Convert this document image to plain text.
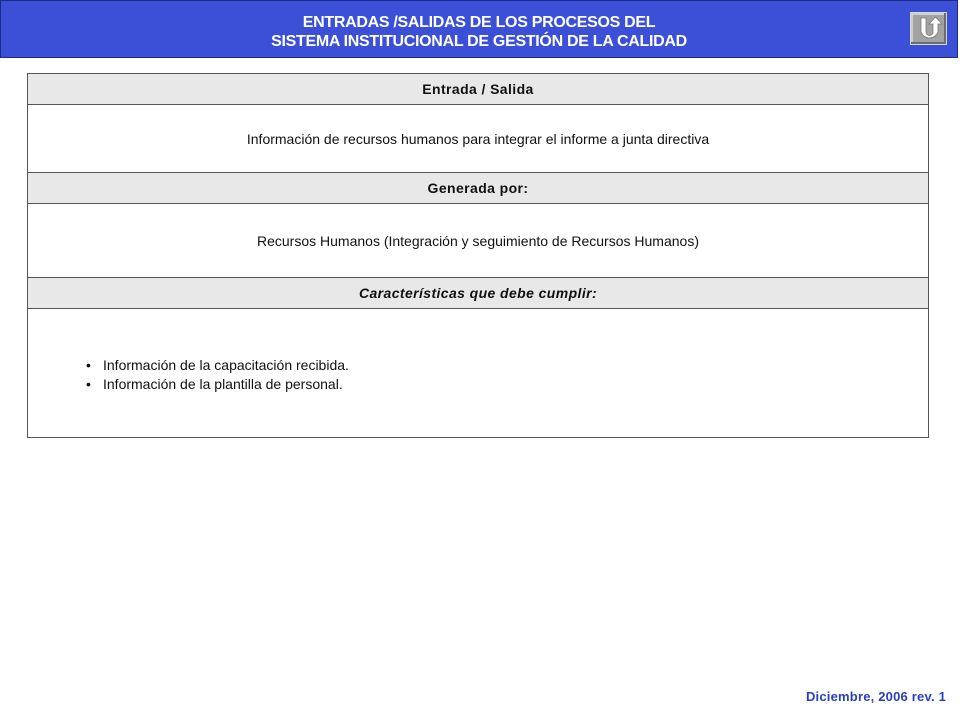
ENTRADAS /SALIDAS DE LOS PROCESOS DEL
SISTEMA INSTITUCIONAL DE GESTIÓN DE LA CALIDAD
Entrada / Salida
Información de recursos humanos para integrar el informe a junta directiva
Generada por:
Recursos Humanos (Integración y seguimiento de Recursos Humanos)
Características que debe cumplir:
• Información de la capacitación recibida.
• Información de la plantilla de personal.
Diciembre, 2006 rev. 1
